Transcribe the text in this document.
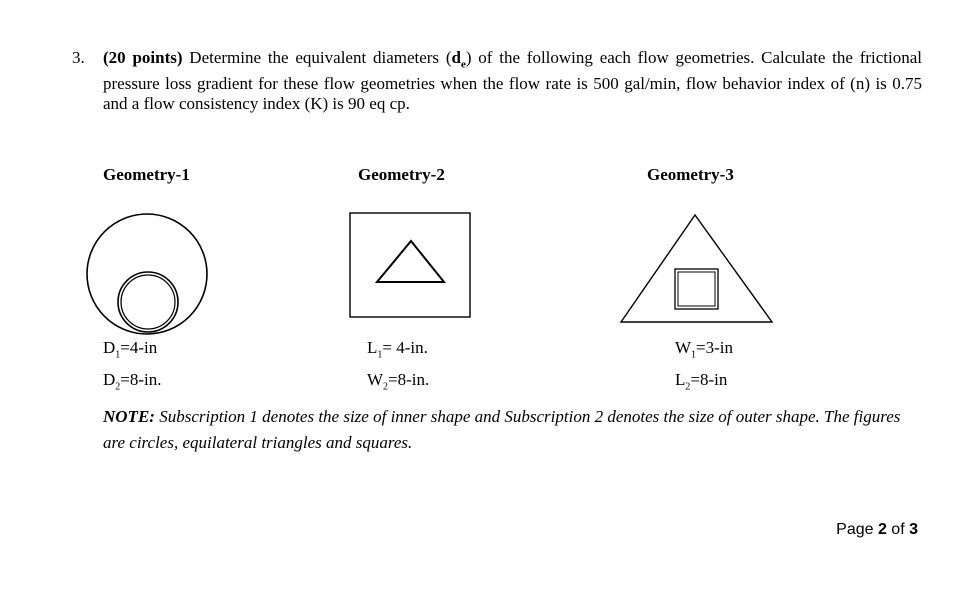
3. (20 points) Determine the equivalent diameters $(d_e)$ of the following each flow geometries. Calculate the frictional pressure loss gradient for these flow geometries when the flow rate is 500 gal/min, flow behavior index of (n) is 0.75 and a flow consistency index (K) is 90 eq cp.
Geometry-1	Geometry-2	Geometry-3
$D_1=4-in$
$D_2=8-in$.
$L_1= 4-in$.
$W_2=8-in$.
$W_1=3-in$
$L_2=8-in$
NOTE: Subscription 1 denotes the size of inner shape and Subscription 2 denotes the size of outer shape. The figures are circles, equilateral triangles and squares.
Page 2 of 3
